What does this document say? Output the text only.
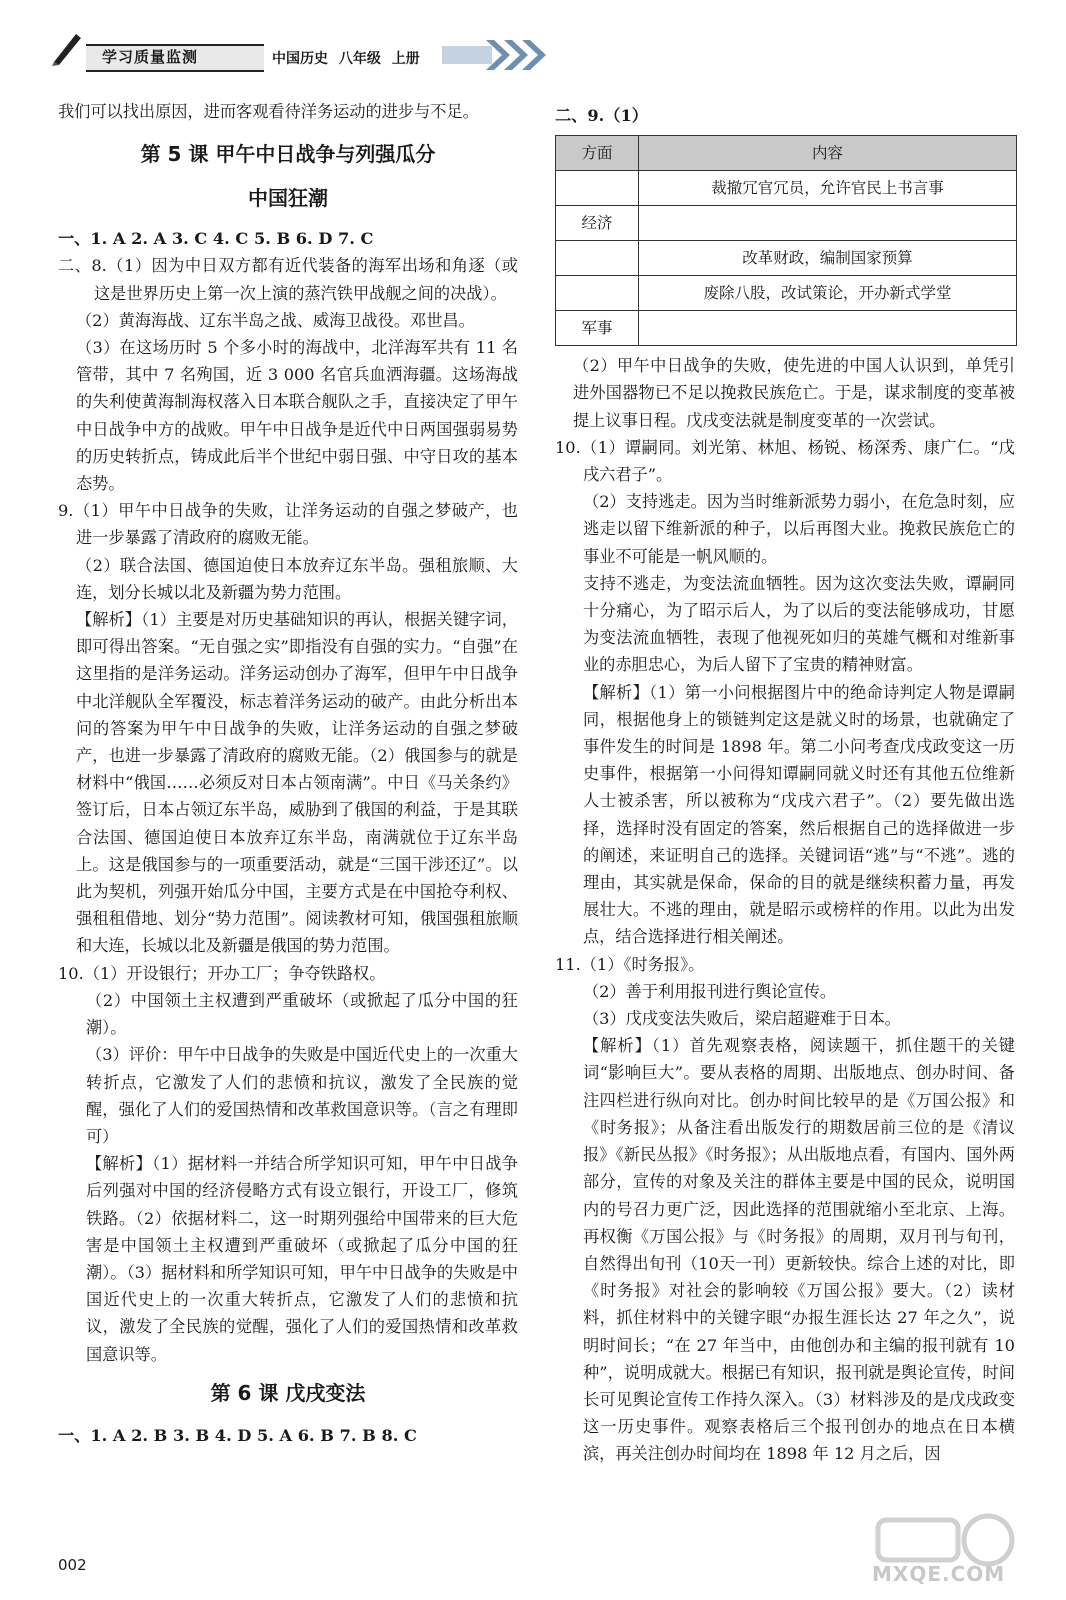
学习质量监测	中国历史 八年级 上册

我们可以找出原因，进而客观看待洋务运动的进步与不足。

第 5 课 甲午中日战争与列强瓜分
中国狂潮

一、1. A 2. A 3. C 4. C 5. B 6. D 7. C

二、8.（1）因为中日双方都有近代装备的海军出场和角逐（或这是世界历史上第一次上演的蒸汽铁甲战舰之间的决战）。

（2）黄海海战、辽东半岛之战、威海卫战役。邓世昌。

（3）在这场历时 5 个多小时的海战中，北洋海军共有 11 名管带，其中 7 名殉国，近 3 000 名官兵血洒海疆。这场海战的失利使黄海制海权落入日本联合舰队之手，直接决定了甲午中日战争中方的战败。甲午中日战争是近代中日两国强弱易势的历史转折点，铸成此后半个世纪中弱日强、中守日攻的基本态势。

9.（1）甲午中日战争的失败，让洋务运动的自强之梦破产，也进一步暴露了清政府的腐败无能。

（2）联合法国、德国迫使日本放弃辽东半岛。强租旅顺、大连，划分长城以北及新疆为势力范围。

【解析】（1）主要是对历史基础知识的再认，根据关键字词，即可得出答案。“无自强之实”即指没有自强的实力。“自强”在这里指的是洋务运动。洋务运动创办了海军，但甲午中日战争中北洋舰队全军覆没，标志着洋务运动的破产。由此分析出本问的答案为甲午中日战争的失败，让洋务运动的自强之梦破产，也进一步暴露了清政府的腐败无能。（2）俄国参与的就是材料中“俄国……必须反对日本占领南满”。中日《马关条约》签订后，日本占领辽东半岛，威胁到了俄国的利益，于是其联合法国、德国迫使日本放弃辽东半岛，南满就位于辽东半岛上。这是俄国参与的一项重要活动，就是“三国干涉还辽”。以此为契机，列强开始瓜分中国，主要方式是在中国抢夺利权、强租租借地、划分“势力范围”。阅读教材可知，俄国强租旅顺和大连，长城以北及新疆是俄国的势力范围。

10.（1）开设银行；开办工厂；争夺铁路权。

（2）中国领土主权遭到严重破坏（或掀起了瓜分中国的狂潮）。

（3）评价：甲午中日战争的失败是中国近代史上的一次重大转折点，它激发了人们的悲愤和抗议，激发了全民族的觉醒，强化了人们的爱国热情和改革救国意识等。（言之有理即可）

【解析】（1）据材料一并结合所学知识可知，甲午中日战争后列强对中国的经济侵略方式有设立银行，开设工厂，修筑铁路。（2）依据材料二，这一时期列强给中国带来的巨大危害是中国领土主权遭到严重破坏（或掀起了瓜分中国的狂潮）。（3）据材料和所学知识可知，甲午中日战争的失败是中国近代史上的一次重大转折点，它激发了人们的悲愤和抗议，激发了全民族的觉醒，强化了人们的爱国热情和改革救国意识等。

第 6 课 戊戌变法

一、1. A 2. B 3. B 4. D 5. A 6. B 7. B 8. C

二、9.（1）

方面	内容
	裁撤冗官冗员，允许官民上书言事
经济	
	改革财政，编制国家预算
	废除八股，改试策论，开办新式学堂
军事	

（2）甲午中日战争的失败，使先进的中国人认识到，单凭引进外国器物已不足以挽救民族危亡。于是，谋求制度的变革被提上议事日程。戊戌变法就是制度变革的一次尝试。

10.（1）谭嗣同。刘光第、林旭、杨锐、杨深秀、康广仁。“戊戌六君子”。

（2）支持逃走。因为当时维新派势力弱小，在危急时刻，应逃走以留下维新派的种子，以后再图大业。挽救民族危亡的事业不可能是一帆风顺的。

支持不逃走，为变法流血牺牲。因为这次变法失败，谭嗣同十分痛心，为了昭示后人，为了以后的变法能够成功，甘愿为变法流血牺牲，表现了他视死如归的英雄气概和对维新事业的赤胆忠心，为后人留下了宝贵的精神财富。

【解析】（1）第一小问根据图片中的绝命诗判定人物是谭嗣同，根据他身上的锁链判定这是就义时的场景，也就确定了事件发生的时间是 1898 年。第二小问考查戊戌政变这一历史事件，根据第一小问得知谭嗣同就义时还有其他五位维新人士被杀害，所以被称为“戊戌六君子”。（2）要先做出选择，选择时没有固定的答案，然后根据自己的选择做进一步的阐述，来证明自己的选择。关键词语“逃”与“不逃”。逃的理由，其实就是保命，保命的目的就是继续积蓄力量，再发展壮大。不逃的理由，就是昭示或榜样的作用。以此为出发点，结合选择进行相关阐述。

11.（1）《时务报》。

（2）善于利用报刊进行舆论宣传。

（3）戊戌变法失败后，梁启超避难于日本。

【解析】（1）首先观察表格，阅读题干，抓住题干的关键词“影响巨大”。要从表格的周期、出版地点、创办时间、备注四栏进行纵向对比。创办时间比较早的是《万国公报》和《时务报》；从备注看出版发行的期数居前三位的是《清议报》《新民丛报》《时务报》；从出版地点看，有国内、国外两部分，宣传的对象及关注的群体主要是中国的民众，说明国内的号召力更广泛，因此选择的范围就缩小至北京、上海。再权衡《万国公报》与《时务报》的周期，双月刊与旬刊，自然得出旬刊（10天一刊）更新较快。综合上述的对比，即《时务报》对社会的影响较《万国公报》要大。（2）读材料，抓住材料中的关键字眼“办报生涯长达 27 年之久”，说明时间长；“在 27 年当中，由他创办和主编的报刊就有 10 种”，说明成就大。根据已有知识，报刊就是舆论宣传，时间长可见舆论宣传工作持久深入。（3）材料涉及的是戊戌政变这一历史事件。观察表格后三个报刊创办的地点在日本横滨，再关注创办时间均在 1898 年 12 月之后，因

002	MXQE.COM
